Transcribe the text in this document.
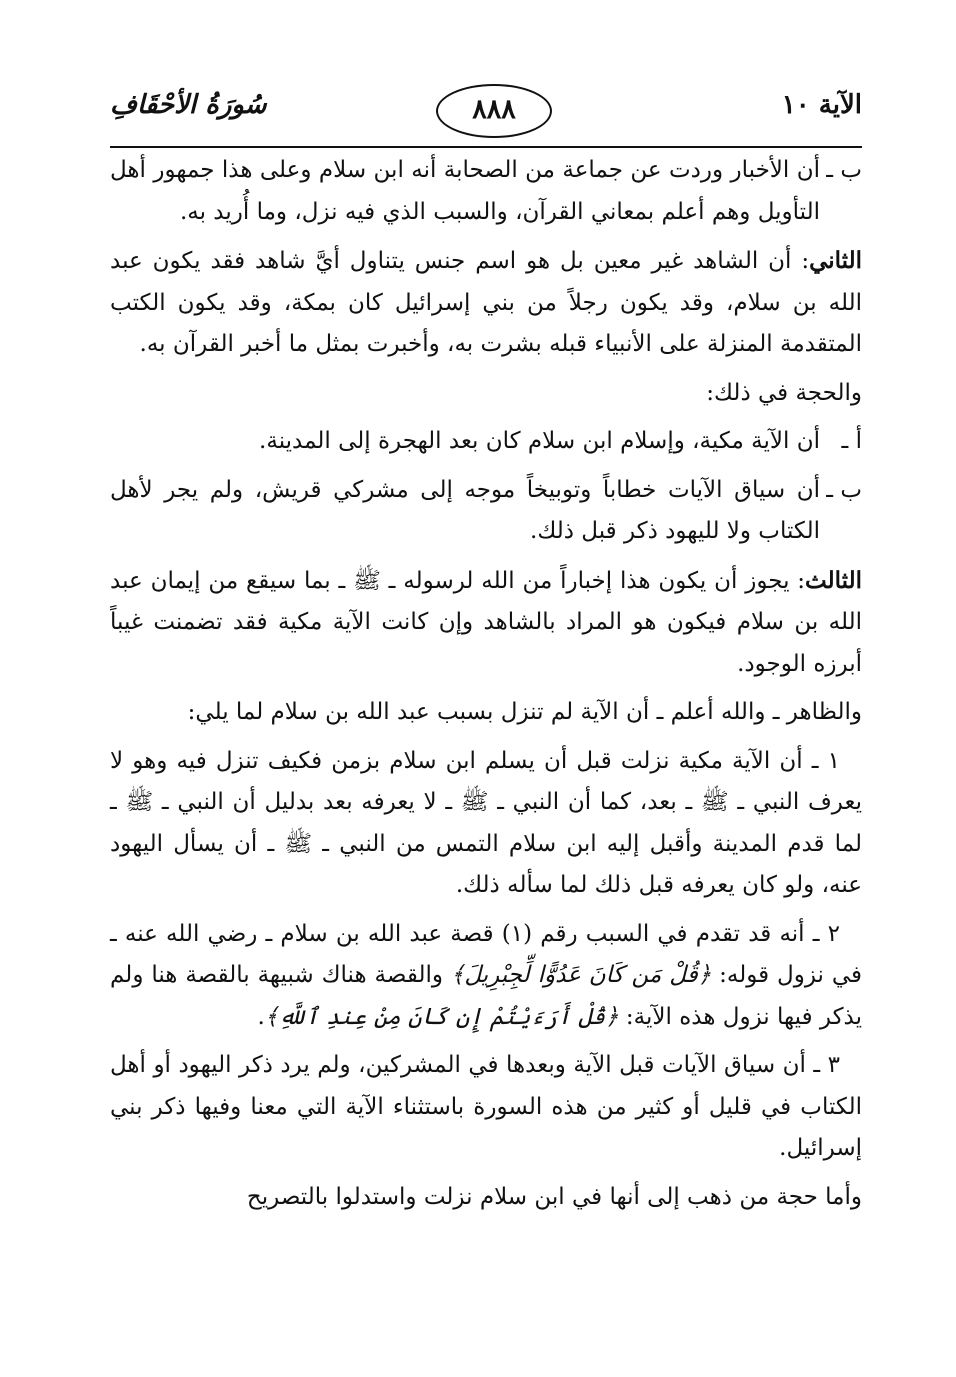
الآية ١٠
٨٨٨
سُورَةُ الأحْقَافِ
ب ـ
أن الأخبار وردت عن جماعة من الصحابة أنه ابن سلام وعلى هذا جمهور أهل التأويل وهم أعلم بمعاني القرآن، والسبب الذي فيه نزل، وما أُريد به.

الثاني: أن الشاهد غير معين بل هو اسم جنس يتناول أيَّ شاهد فقد يكون عبد الله بن سلام، وقد يكون رجلاً من بني إسرائيل كان بمكة، وقد يكون الكتب المتقدمة المنزلة على الأنبياء قبله بشرت به، وأخبرت بمثل ما أخبر القرآن به.

والحجة في ذلك:

أ ـ
أن الآية مكية، وإسلام ابن سلام كان بعد الهجرة إلى المدينة.
ب ـ
أن سياق الآيات خطاباً وتوبيخاً موجه إلى مشركي قريش، ولم يجر لأهل الكتاب ولا لليهود ذكر قبل ذلك.

الثالث: يجوز أن يكون هذا إخباراً من الله لرسوله ـ ﷺ ـ بما سيقع من إيمان عبد الله بن سلام فيكون هو المراد بالشاهد وإن كانت الآية مكية فقد تضمنت غيباً أبرزه الوجود.

والظاهر ـ والله أعلم ـ أن الآية لم تنزل بسبب عبد الله بن سلام لما يلي:

١ ـ أن الآية مكية نزلت قبل أن يسلم ابن سلام بزمن فكيف تنزل فيه وهو لا يعرف النبي ـ ﷺ ـ بعد، كما أن النبي ـ ﷺ ـ لا يعرفه بعد بدليل أن النبي ـ ﷺ ـ لما قدم المدينة وأقبل إليه ابن سلام التمس من النبي ـ ﷺ ـ أن يسأل اليهود عنه، ولو كان يعرفه قبل ذلك لما سأله ذلك.

٢ ـ أنه قد تقدم في السبب رقم (١) قصة عبد الله بن سلام ـ رضي الله عنه ـ في نزول قوله: ﴿قُلْ مَن كَانَ عَدُوًّا لِّجِبْرِيلَ﴾ والقصة هناك شبيهة بالقصة هنا ولم يذكر فيها نزول هذه الآية: ﴿قُلْ أَرَءَيْتُمْ إِن كَانَ مِنْ عِندِ ٱللَّهِ﴾.

٣ ـ أن سياق الآيات قبل الآية وبعدها في المشركين، ولم يرد ذكر اليهود أو أهل الكتاب في قليل أو كثير من هذه السورة باستثناء الآية التي معنا وفيها ذكر بني إسرائيل.

وأما حجة من ذهب إلى أنها في ابن سلام نزلت واستدلوا بالتصريح
